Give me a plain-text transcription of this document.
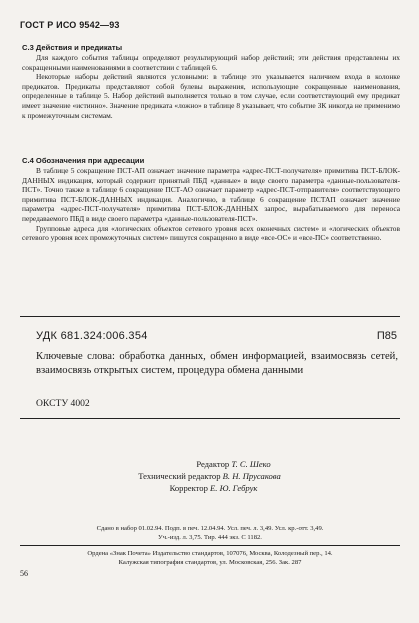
ГОСТ Р ИСО 9542—93
С.3 Действия и предикаты

Для каждого события таблицы определяют результирующий набор действий; эти действия представлены их сокращенными наименованиями в соответствии с таблицей 6.

Некоторые наборы действий являются условными: в таблице это указывается наличием входа в колонке предикатов. Предикаты представляют собой булевы выражения, использующие сокращенные наименования, определенные в таблице 5. Набор действий выполняется только в том случае, если соответствующий ему предикат имеет значение «истинно». Значение предиката «ложно» в таблице 8 указывает, что событие ЗК никогда не применимо к промежуточным системам.

С.4 Обозначения при адресации

В таблице 5 сокращение ПСТ-АП означает значение параметра «адрес-ПСТ-получателя» примитива ПСТ-БЛОК-ДАННЫХ индикация, который содержит принятый ПБД «данные» в виде своего параметра «данные-пользователя-ПСТ». Точно также в таблице 6 сокращение ПСТ-АО означает параметр «адрес-ПСТ-отправителя» соответствующего примитива ПСТ-БЛОК-ДАННЫХ индикация. Аналогично, в таблице 6 сокращение ПСТАП означает значение параметра «адрес-ПСТ-получателя» примитива ПСТ-БЛОК-ДАННЫХ запрос, вырабатываемого для переноса передаваемого ПБД в виде своего параметра «данные-пользователя-ПСТ».

Групповые адреса для «логических объектов сетевого уровня всех оконечных систем» и «логических объектов сетевого уровня всех промежуточных систем» пишутся сокращенно в виде «все-ОС» и «все-ПС» соответственно.

УДК 681.324:006.354	П85
Ключевые слова: обработка данных, обмен информацией, взаимосвязь сетей, взаимосвязь открытых систем, процедура обмена данными
ОКСТУ 4002
Редактор Т. С. Шеко
Технический редактор В. Н. Прусакова
Корректор Е. Ю. Гебрук
Сдано в набор 01.02.94. Подп. в печ. 12.04.94. Усл. печ. л. 3,49. Усл. кр.-отт. 3,49.
Уч.-изд. л. 3,75. Тир. 444 экз. С 1182.
Ордена «Знак Почета» Издательство стандартов, 107076, Москва, Колодезный пер., 14.
Калужская типография стандартов, ул. Московская, 256. Зак. 287
56
